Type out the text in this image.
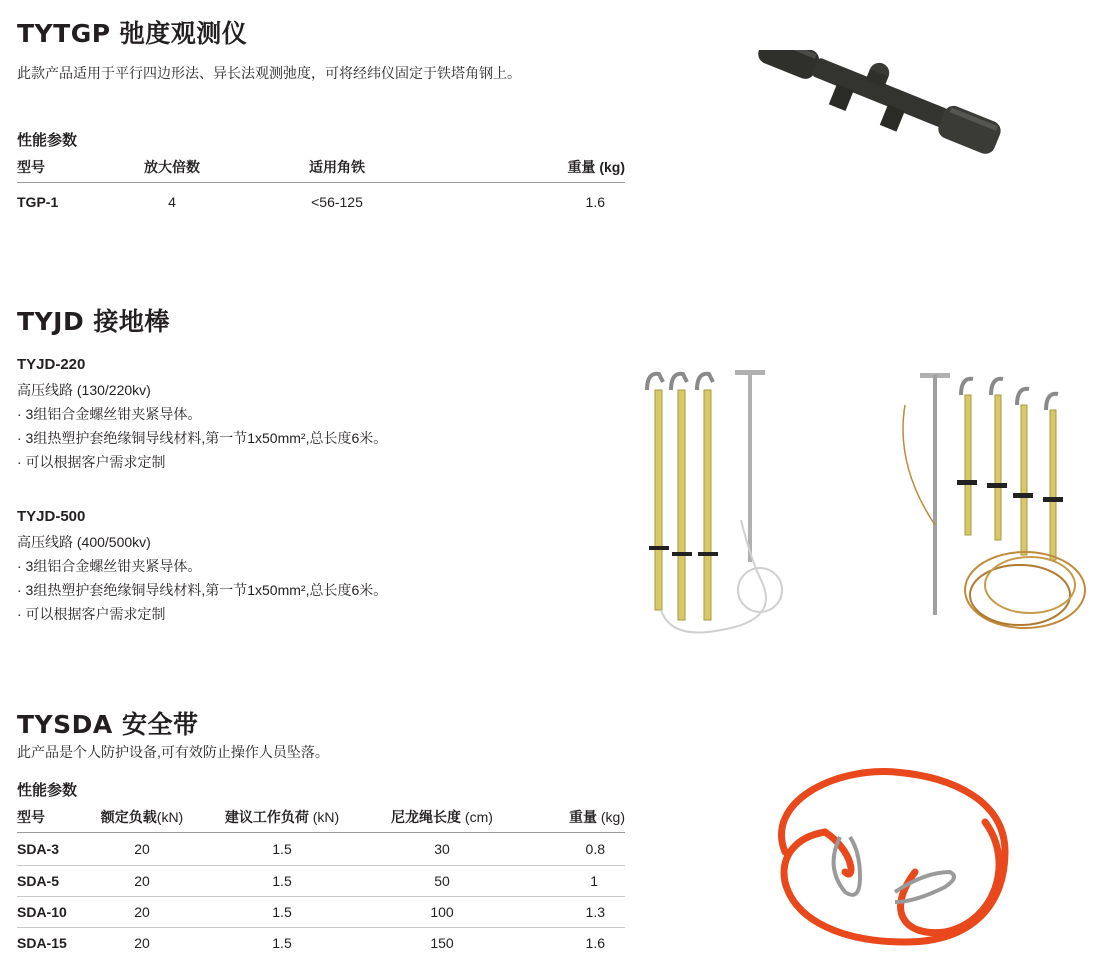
TYTGP 弛度观测仪
此款产品适用于平行四边形法、异长法观测弛度，可将经纬仪固定于铁塔角钢上。
性能参数
型号	放大倍数	适用角铁	重量 (kg)
TGP-1	4	<56-125	1.6
TYJD 接地棒
TYJD-220
高压线路 (130/220kv)
· 3组铝合金螺丝钳夹紧导体。
· 3组热塑护套绝缘铜导线材料,第一节1x50mm²,总长度6米。
· 可以根据客户需求定制
TYJD-500
高压线路 (400/500kv)
· 3组铝合金螺丝钳夹紧导体。
· 3组热塑护套绝缘铜导线材料,第一节1x50mm²,总长度6米。
· 可以根据客户需求定制
TYSDA 安全带
此产品是个人防护设备,可有效防止操作人员坠落。
性能参数
型号	额定负载(kN)	建议工作负荷 (kN)	尼龙绳长度 (cm)	重量 (kg)
SDA-3	20	1.5	30	0.8
SDA-5	20	1.5	50	1
SDA-10	20	1.5	100	1.3
SDA-15	20	1.5	150	1.6
